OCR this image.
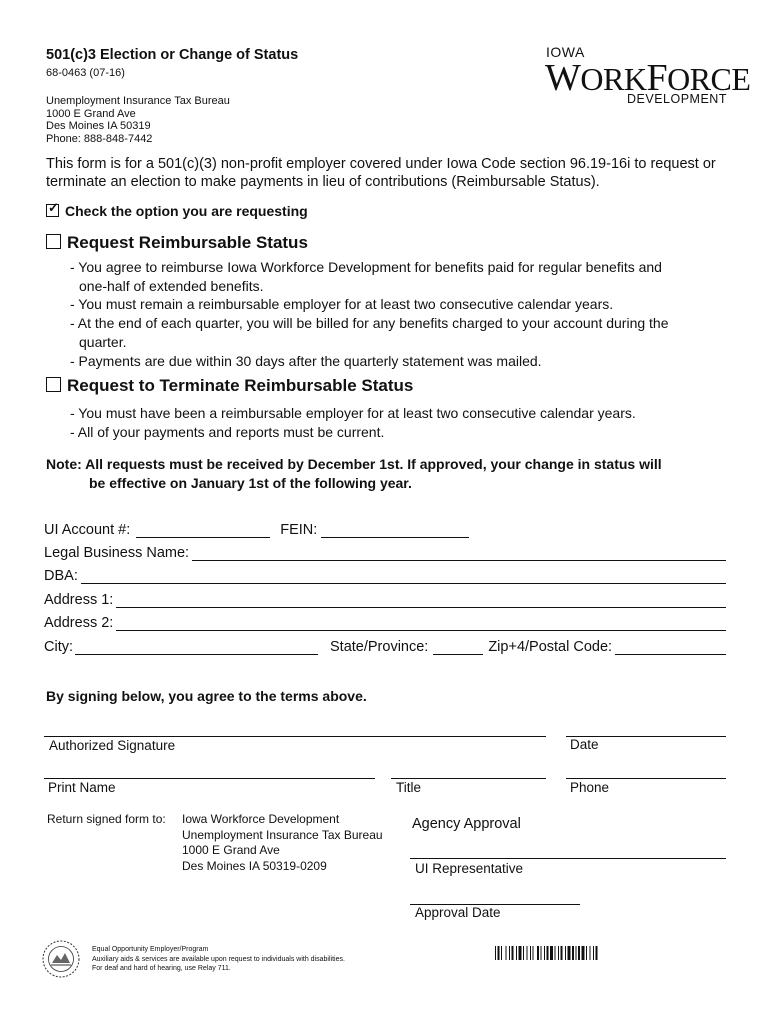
501(c)3 Election or Change of Status
68-0463 (07-16)
Unemployment Insurance Tax Bureau
1000 E Grand Ave
Des Moines IA 50319
Phone: 888-848-7442
IOWA
WORKFORCE
DEVELOPMENT
This form is for a 501(c)(3) non-profit employer covered under Iowa Code section 96.19-16i to request or terminate an election to make payments in lieu of contributions (Reimbursable Status).
✓ Check the option you are requesting
Request Reimbursable Status
- You agree to reimburse Iowa Workforce Development for benefits paid for regular benefits and
one-half of extended benefits.
- You must remain a reimbursable employer for at least two consecutive calendar years.
- At the end of each quarter, you will be billed for any benefits charged to your account during the
quarter.
- Payments are due within 30 days after the quarterly statement was mailed.
Request to Terminate Reimbursable Status
- You must have been a reimbursable employer for at least two consecutive calendar years.
- All of your payments and reports must be current.
Note: All requests must be received by December 1st. If approved, your change in status will
be effective on January 1st of the following year.
UI Account #:	FEIN:
Legal Business Name:
DBA:
Address 1:
Address 2:
City:	State/Province:	Zip+4/Postal Code:
By signing below, you agree to the terms above.
Authorized Signature	Date
Print Name	Title	Phone
Return signed form to: Iowa Workforce Development
Unemployment Insurance Tax Bureau
1000 E Grand Ave
Des Moines IA 50319-0209
Agency Approval
UI Representative
Approval Date
Equal Opportunity Employer/Program
Auxiliary aids & services are available upon request to individuals with disabilities.
For deaf and hard of hearing, use Relay 711.
